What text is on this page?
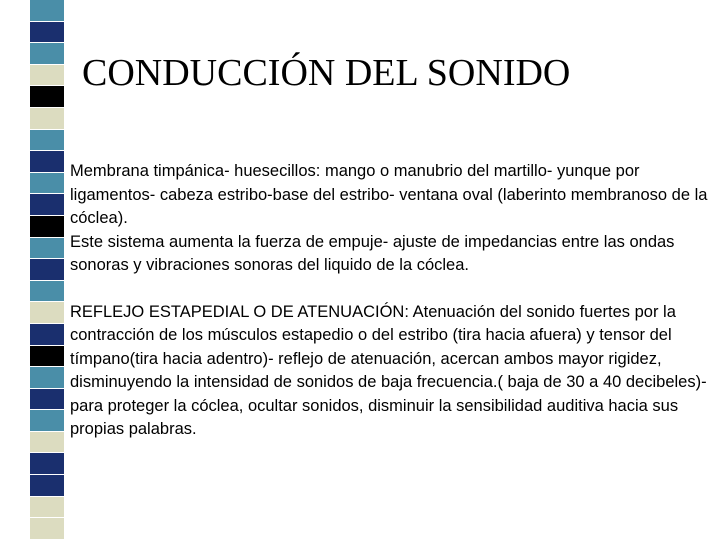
CONDUCCIÓN DEL SONIDO

Membrana timpánica- huesecillos: mango o manubrio del martillo- yunque por ligamentos- cabeza estribo-base del estribo- ventana oval (laberinto membranoso de la cóclea).

Este sistema aumenta la fuerza de empuje- ajuste de impedancias entre las ondas sonoras y vibraciones sonoras del liquido de la cóclea.

REFLEJO ESTAPEDIAL O DE ATENUACIÓN: Atenuación del sonido fuertes por la contracción de los músculos estapedio o del estribo (tira hacia afuera) y tensor del tímpano(tira hacia adentro)- reflejo de atenuación, acercan ambos mayor rigidez, disminuyendo la intensidad de sonidos de baja frecuencia.( baja de 30 a 40 decibeles)- para proteger la cóclea, ocultar sonidos, disminuir la sensibilidad auditiva hacia sus propias palabras.
